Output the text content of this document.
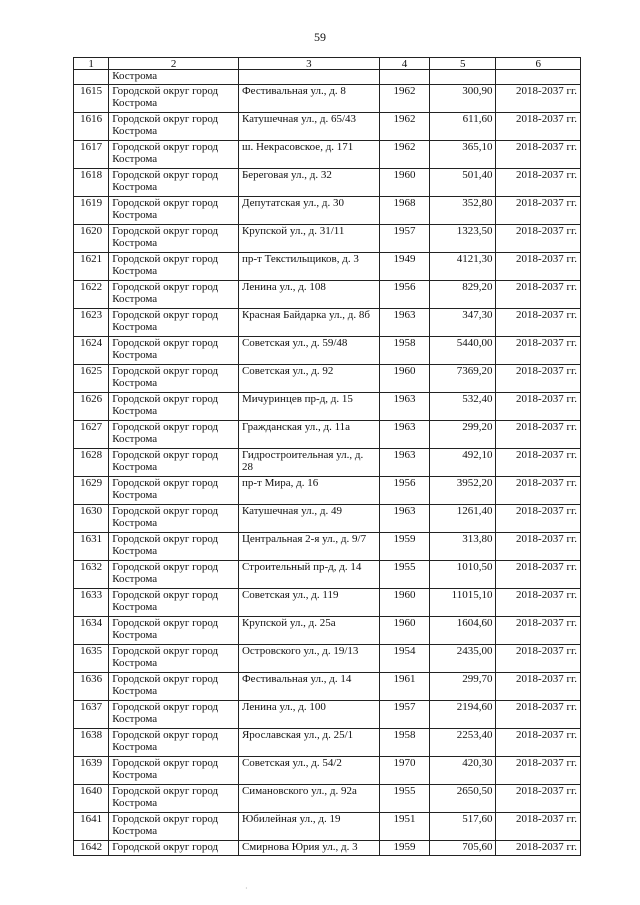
59
1	2	3	4	5	6
	Кострома				
1615	Городской округ город Кострома	Фестивальная ул., д. 8	1962	300,90	2018-2037 гг.
1616	Городской округ город Кострома	Катушечная ул., д. 65/43	1962	611,60	2018-2037 гг.
1617	Городской округ город Кострома	ш. Некрасовское, д. 171	1962	365,10	2018-2037 гг.
1618	Городской округ город Кострома	Береговая ул., д. 32	1960	501,40	2018-2037 гг.
1619	Городской округ город Кострома	Депутатская ул., д. 30	1968	352,80	2018-2037 гг.
1620	Городской округ город Кострома	Крупской ул., д. 31/11	1957	1323,50	2018-2037 гг.
1621	Городской округ город Кострома	пр-т Текстильщиков, д. 3	1949	4121,30	2018-2037 гг.
1622	Городской округ город Кострома	Ленина ул., д. 108	1956	829,20	2018-2037 гг.
1623	Городской округ город Кострома	Красная Байдарка ул., д. 8б	1963	347,30	2018-2037 гг.
1624	Городской округ город Кострома	Советская ул., д. 59/48	1958	5440,00	2018-2037 гг.
1625	Городской округ город Кострома	Советская ул., д. 92	1960	7369,20	2018-2037 гг.
1626	Городской округ город Кострома	Мичуринцев пр-д, д. 15	1963	532,40	2018-2037 гг.
1627	Городской округ город Кострома	Гражданская ул., д. 11а	1963	299,20	2018-2037 гг.
1628	Городской округ город Кострома	Гидростроительная ул., д. 28	1963	492,10	2018-2037 гг.
1629	Городской округ город Кострома	пр-т Мира, д. 16	1956	3952,20	2018-2037 гг.
1630	Городской округ город Кострома	Катушечная ул., д. 49	1963	1261,40	2018-2037 гг.
1631	Городской округ город Кострома	Центральная 2-я ул., д. 9/7	1959	313,80	2018-2037 гг.
1632	Городской округ город Кострома	Строительный пр-д, д. 14	1955	1010,50	2018-2037 гг.
1633	Городской округ город Кострома	Советская ул., д. 119	1960	11015,10	2018-2037 гг.
1634	Городской округ город Кострома	Крупской ул., д. 25а	1960	1604,60	2018-2037 гг.
1635	Городской округ город Кострома	Островского ул., д. 19/13	1954	2435,00	2018-2037 гг.
1636	Городской округ город Кострома	Фестивальная ул., д. 14	1961	299,70	2018-2037 гг.
1637	Городской округ город Кострома	Ленина ул., д. 100	1957	2194,60	2018-2037 гг.
1638	Городской округ город Кострома	Ярославская ул., д. 25/1	1958	2253,40	2018-2037 гг.
1639	Городской округ город Кострома	Советская ул., д. 54/2	1970	420,30	2018-2037 гг.
1640	Городской округ город Кострома	Симановского ул., д. 92а	1955	2650,50	2018-2037 гг.
1641	Городской округ город Кострома	Юбилейная ул., д. 19	1951	517,60	2018-2037 гг.
1642	Городской округ город	Смирнова Юрия ул., д. 3	1959	705,60	2018-2037 гг.
·
